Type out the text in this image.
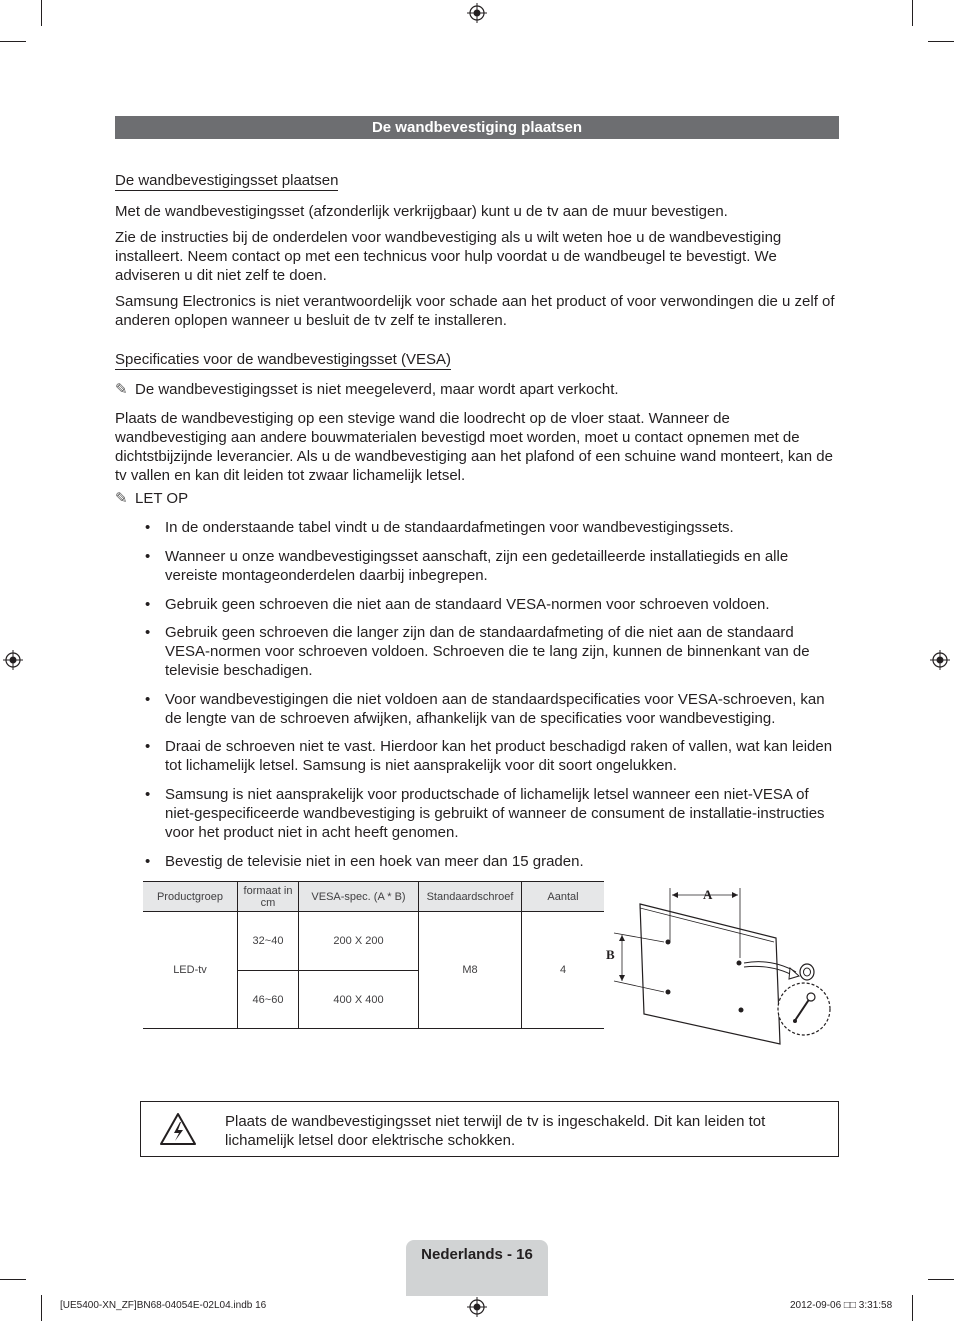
De wandbevestiging plaatsen
De wandbevestigingsset plaatsen
Met de wandbevestigingsset (afzonderlijk verkrijgbaar) kunt u de tv aan de muur bevestigen.
Zie de instructies bij de onderdelen voor wandbevestiging als u wilt weten hoe u de wandbevestiging installeert. Neem contact op met een technicus voor hulp voordat u de wandbeugel te bevestigt. We adviseren u dit niet zelf te doen.
Samsung Electronics is niet verantwoordelijk voor schade aan het product of voor verwondingen die u zelf of anderen oplopen wanneer u besluit de tv zelf te installeren.
Specificaties voor de wandbevestigingsset (VESA)
✎ De wandbevestigingsset is niet meegeleverd, maar wordt apart verkocht.
Plaats de wandbevestiging op een stevige wand die loodrecht op de vloer staat. Wanneer de wandbevestiging aan andere bouwmaterialen bevestigd moet worden, moet u contact opnemen met de dichtstbijzijnde leverancier. Als u de wandbevestiging aan het plafond of een schuine wand monteert, kan de tv vallen en kan dit leiden tot zwaar lichamelijk letsel.
✎ LET OP
• In de onderstaande tabel vindt u de standaardafmetingen voor wandbevestigingssets.
• Wanneer u onze wandbevestigingsset aanschaft, zijn een gedetailleerde installatiegids en alle vereiste montageonderdelen daarbij inbegrepen.
• Gebruik geen schroeven die niet aan de standaard VESA-normen voor schroeven voldoen.
• Gebruik geen schroeven die langer zijn dan de standaardafmeting of die niet aan de standaard VESA-normen voor schroeven voldoen. Schroeven die te lang zijn, kunnen de binnenkant van de televisie beschadigen.
• Voor wandbevestigingen die niet voldoen aan de standaardspecificaties voor VESA-schroeven, kan de lengte van de schroeven afwijken, afhankelijk van de specificaties voor wandbevestiging.
• Draai de schroeven niet te vast. Hierdoor kan het product beschadigd raken of vallen, wat kan leiden tot lichamelijk letsel. Samsung is niet aansprakelijk voor dit soort ongelukken.
• Samsung is niet aansprakelijk voor productschade of lichamelijk letsel wanneer een niet-VESA of niet-gespecificeerde wandbevestiging is gebruikt of wanneer de consument de installatie-instructies voor het product niet in acht heeft genomen.
• Bevestig de televisie niet in een hoek van meer dan 15 graden.
Productgroep	formaat in cm	VESA-spec. (A * B)	Standaardschroef	Aantal
LED-tv	32~40	200 X 200	M8	4
	46~60	400 X 400		
A
B
Plaats de wandbevestigingsset niet terwijl de tv is ingeschakeld. Dit kan leiden tot lichamelijk letsel door elektrische schokken.
Nederlands - 16
[UE5400-XN_ZF]BN68-04054E-02L04.indb 16	2012-09-06 □□ 3:31:58
